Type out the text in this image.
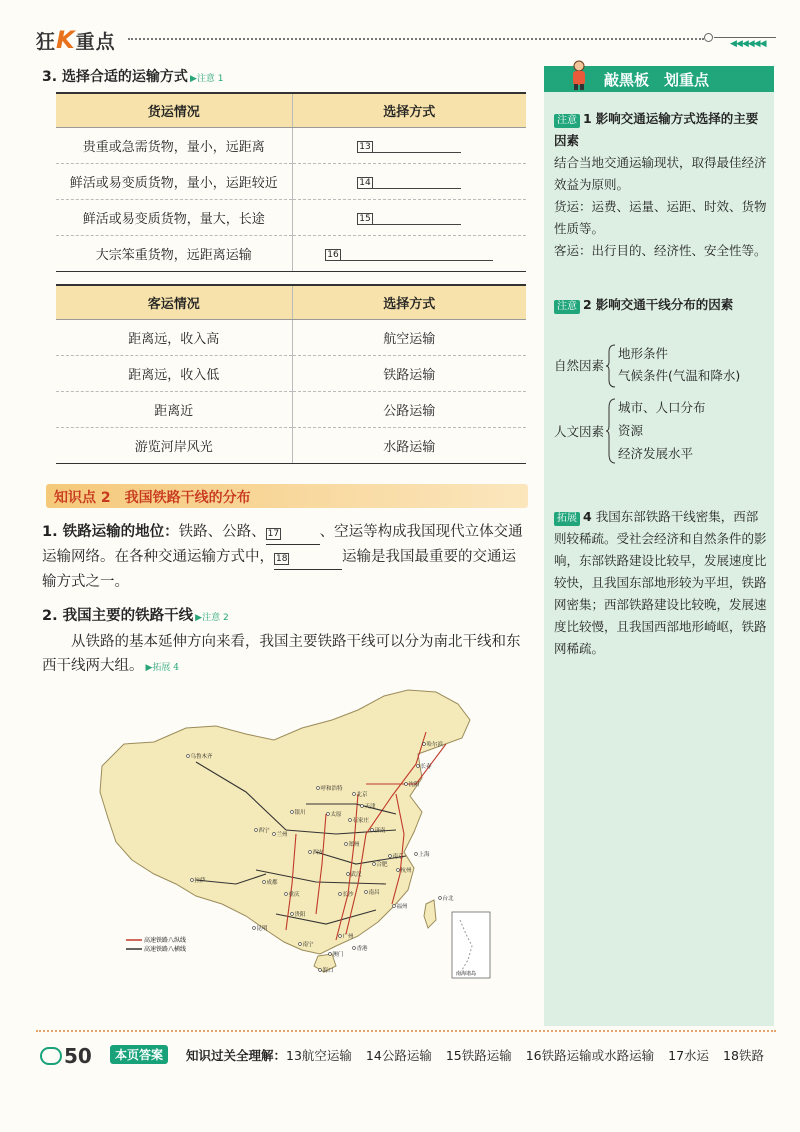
狂K重点	◀◀◀◀◀◀
3. 选择合适的运输方式 ▶注意 1
货运情况	选择方式
贵重或急需货物，量小，远距离	13
鲜活或易变质货物，量小，运距较近	14
鲜活或易变质货物，量大，长途	15
大宗笨重货物，远距离运输	16
客运情况	选择方式
距离远，收入高	航空运输
距离远，收入低	铁路运输
距离近	公路运输
游览河岸风光	水路运输
知识点 2　我国铁路干线的分布
1. 铁路运输的地位：铁路、公路、 17	、空运等构成我国现代立体交通运输网络。在各种交通运输方式中， 18	运输是我国最重要的交通运输方式之一。
2. 我国主要的铁路干线 ▶注意 2
从铁路的基本延伸方向来看，我国主要铁路干线可以分为南北干线和东西干线两大组。 ▶拓展 4
乌鲁木齐
哈尔滨
长春
呼和浩特
北京
沈阳
天津
银川	太原
石家庄
济南
西宁
兰州
郑州
西安
拉萨	成都
武汉
合肥
南京	上海
杭州
重庆	长沙	南昌
福州
贵阳
昆明
南宁
广州
香港
澳门
海口
台北
高速铁路八纵线
高速铁路八横线
南海诸岛
敲黑板　划重点
注意 1 影响交通运输方式选择的主要因素
结合当地交通运输现状，取得最佳经济效益为原则。
货运：运费、运量、运距、时效、货物性质等。
客运：出行目的、经济性、安全性等。
注意 2 影响交通干线分布的因素
自然因素
地形条件
气候条件(气温和降水)
人文因素
城市、人口分布
资源
经济发展水平
拓展 4 我国东部铁路干线密集，西部则较稀疏。受社会经济和自然条件的影响，东部铁路建设比较早，发展速度比较快，且我国东部地形较为平坦，铁路网密集；西部铁路建设比较晚，发展速度比较慢，且我国西部地形崎岖，铁路网稀疏。
50	本页答案	知识过关全理解：13航空运输 14公路运输 15铁路运输 16铁路运输或水路运输 17水运 18铁路
